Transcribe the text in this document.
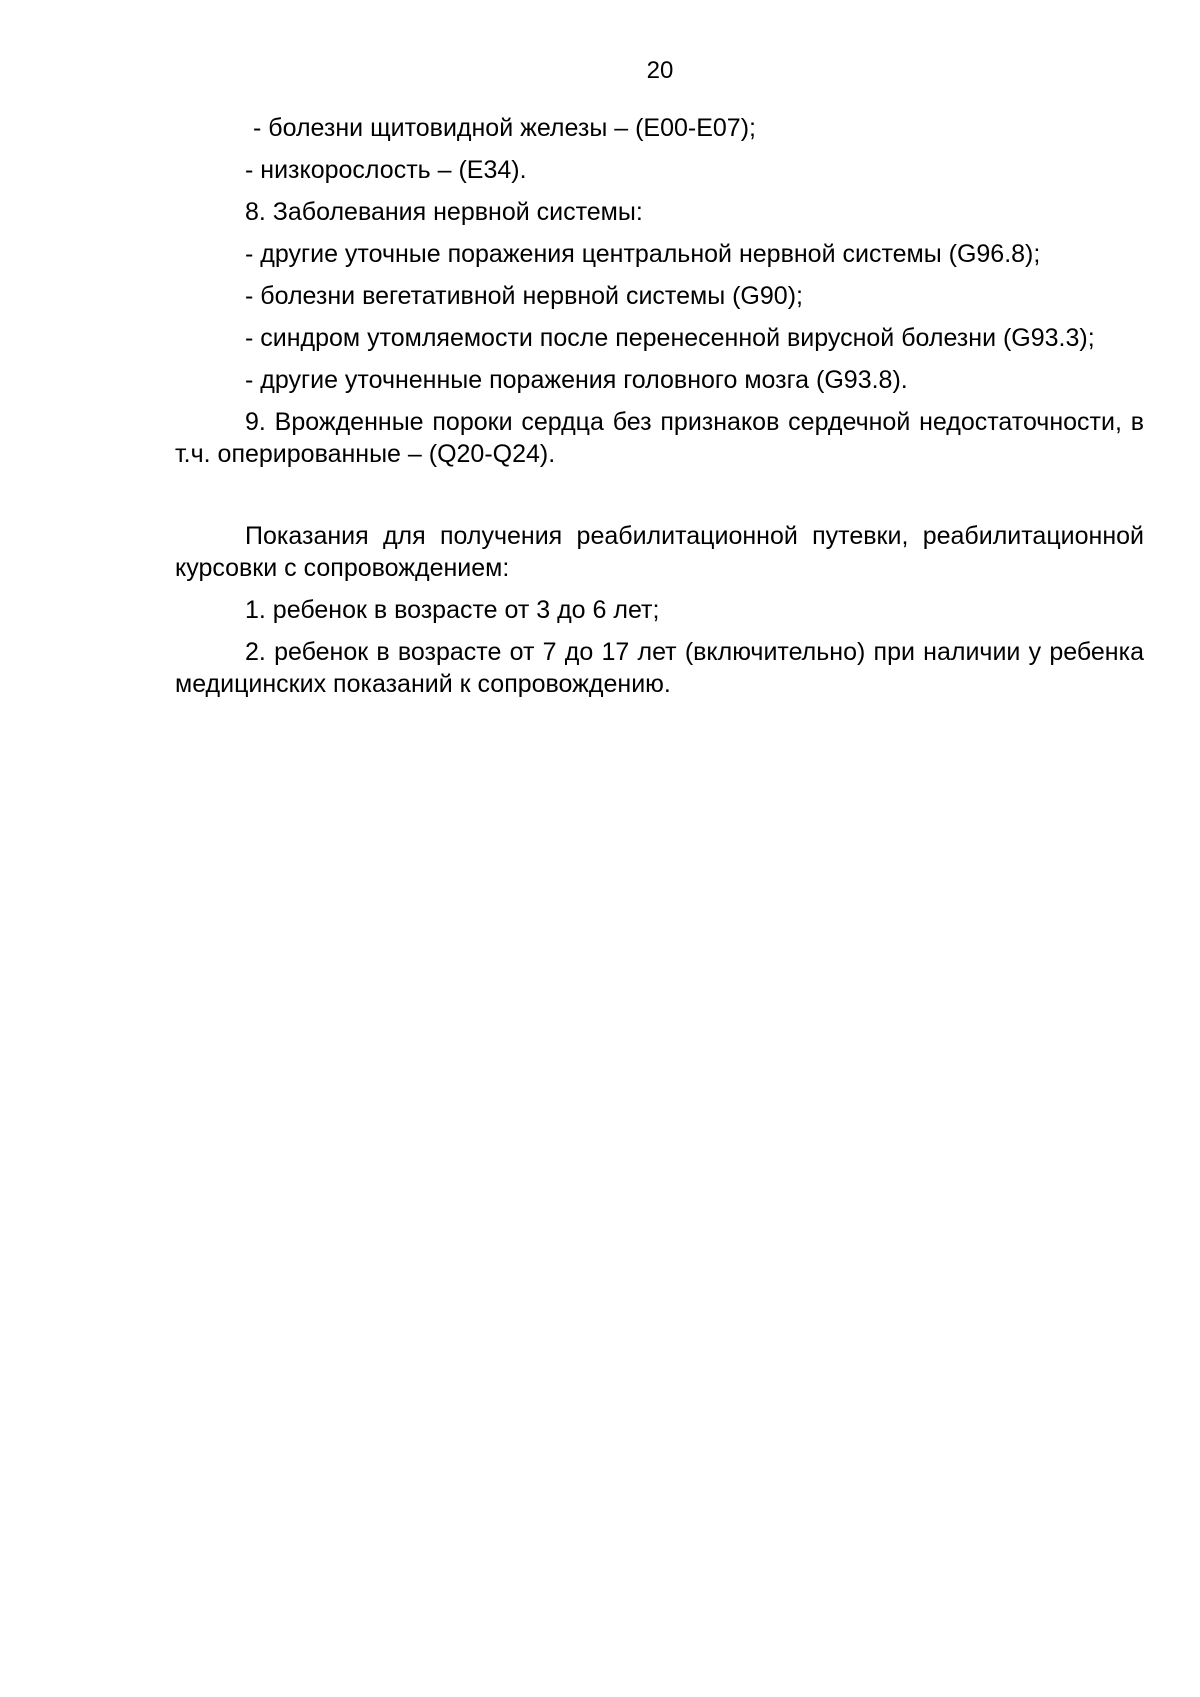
20

- болезни щитовидной железы – (E00-E07);

- низкорослость – (E34).

8. Заболевания нервной системы:

- другие уточные поражения центральной нервной системы (G96.8);

- болезни вегетативной нервной системы (G90);

- синдром утомляемости после перенесенной вирусной болезни (G93.3);

- другие уточненные поражения головного мозга (G93.8).

9. Врожденные пороки сердца без признаков сердечной недостаточности, в т.ч. оперированные – (Q20-Q24).

Показания для получения реабилитационной путевки, реабилитационной курсовки с сопровождением:

1. ребенок в возрасте от 3 до 6 лет;

2. ребенок в возрасте от 7 до 17 лет (включительно) при наличии у ребенка медицинских показаний к сопровождению.
